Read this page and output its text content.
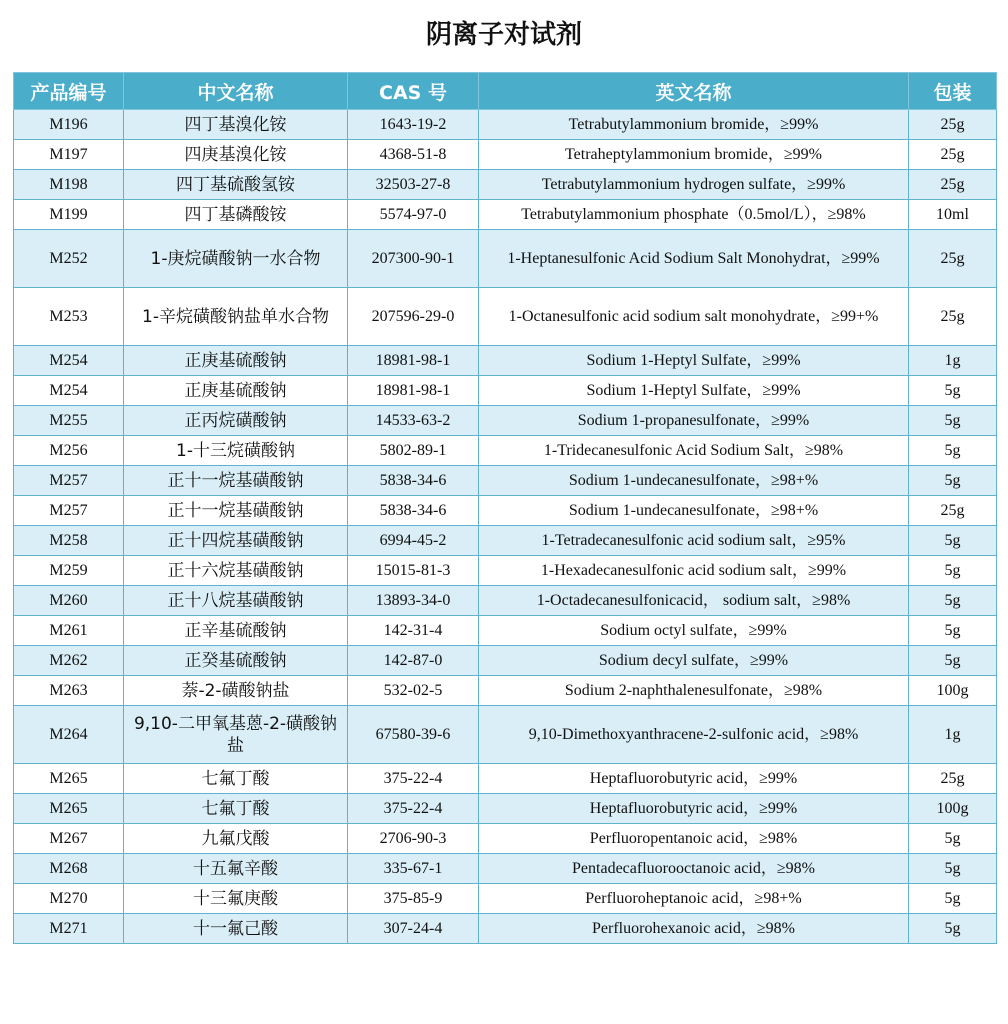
阴离子对试剂
产品编号	中文名称	CAS 号	英文名称	包装
M196	四丁基溴化铵	1643-19-2	Tetrabutylammonium bromide，≥99%	25g
M197	四庚基溴化铵	4368-51-8	Tetraheptylammonium bromide，≥99%	25g
M198	四丁基硫酸氢铵	32503-27-8	Tetrabutylammonium hydrogen sulfate，≥99%	25g
M199	四丁基磷酸铵	5574-97-0	Tetrabutylammonium phosphate（0.5mol/L），≥98%	10ml
M252	1-庚烷磺酸钠一水合物	207300-90-1	1-Heptanesulfonic Acid Sodium Salt Monohydrat，≥99%	25g
M253	1-辛烷磺酸钠盐单水合物	207596-29-0	1-Octanesulfonic acid sodium salt monohydrate，≥99+%	25g
M254	正庚基硫酸钠	18981-98-1	Sodium 1-Heptyl Sulfate，≥99%	1g
M254	正庚基硫酸钠	18981-98-1	Sodium 1-Heptyl Sulfate，≥99%	5g
M255	正丙烷磺酸钠	14533-63-2	Sodium 1-propanesulfonate，≥99%	5g
M256	1-十三烷磺酸钠	5802-89-1	1-Tridecanesulfonic Acid Sodium Salt，≥98%	5g
M257	正十一烷基磺酸钠	5838-34-6	Sodium 1-undecanesulfonate，≥98+%	5g
M257	正十一烷基磺酸钠	5838-34-6	Sodium 1-undecanesulfonate，≥98+%	25g
M258	正十四烷基磺酸钠	6994-45-2	1-Tetradecanesulfonic acid sodium salt，≥95%	5g
M259	正十六烷基磺酸钠	15015-81-3	1-Hexadecanesulfonic acid sodium salt，≥99%	5g
M260	正十八烷基磺酸钠	13893-34-0	1-Octadecanesulfonicacid， sodium salt，≥98%	5g
M261	正辛基硫酸钠	142-31-4	Sodium octyl sulfate，≥99%	5g
M262	正癸基硫酸钠	142-87-0	Sodium decyl sulfate，≥99%	5g
M263	萘-2-磺酸钠盐	532-02-5	Sodium 2-naphthalenesulfonate，≥98%	100g
M264	9,10-二甲氧基蒽-2-磺酸钠盐	67580-39-6	9,10-Dimethoxyanthracene-2-sulfonic acid，≥98%	1g
M265	七氟丁酸	375-22-4	Heptafluorobutyric acid，≥99%	25g
M265	七氟丁酸	375-22-4	Heptafluorobutyric acid，≥99%	100g
M267	九氟戊酸	2706-90-3	Perfluoropentanoic acid，≥98%	5g
M268	十五氟辛酸	335-67-1	Pentadecafluorooctanoic acid，≥98%	5g
M270	十三氟庚酸	375-85-9	Perfluoroheptanoic acid，≥98+%	5g
M271	十一氟己酸	307-24-4	Perfluorohexanoic acid，≥98%	5g
